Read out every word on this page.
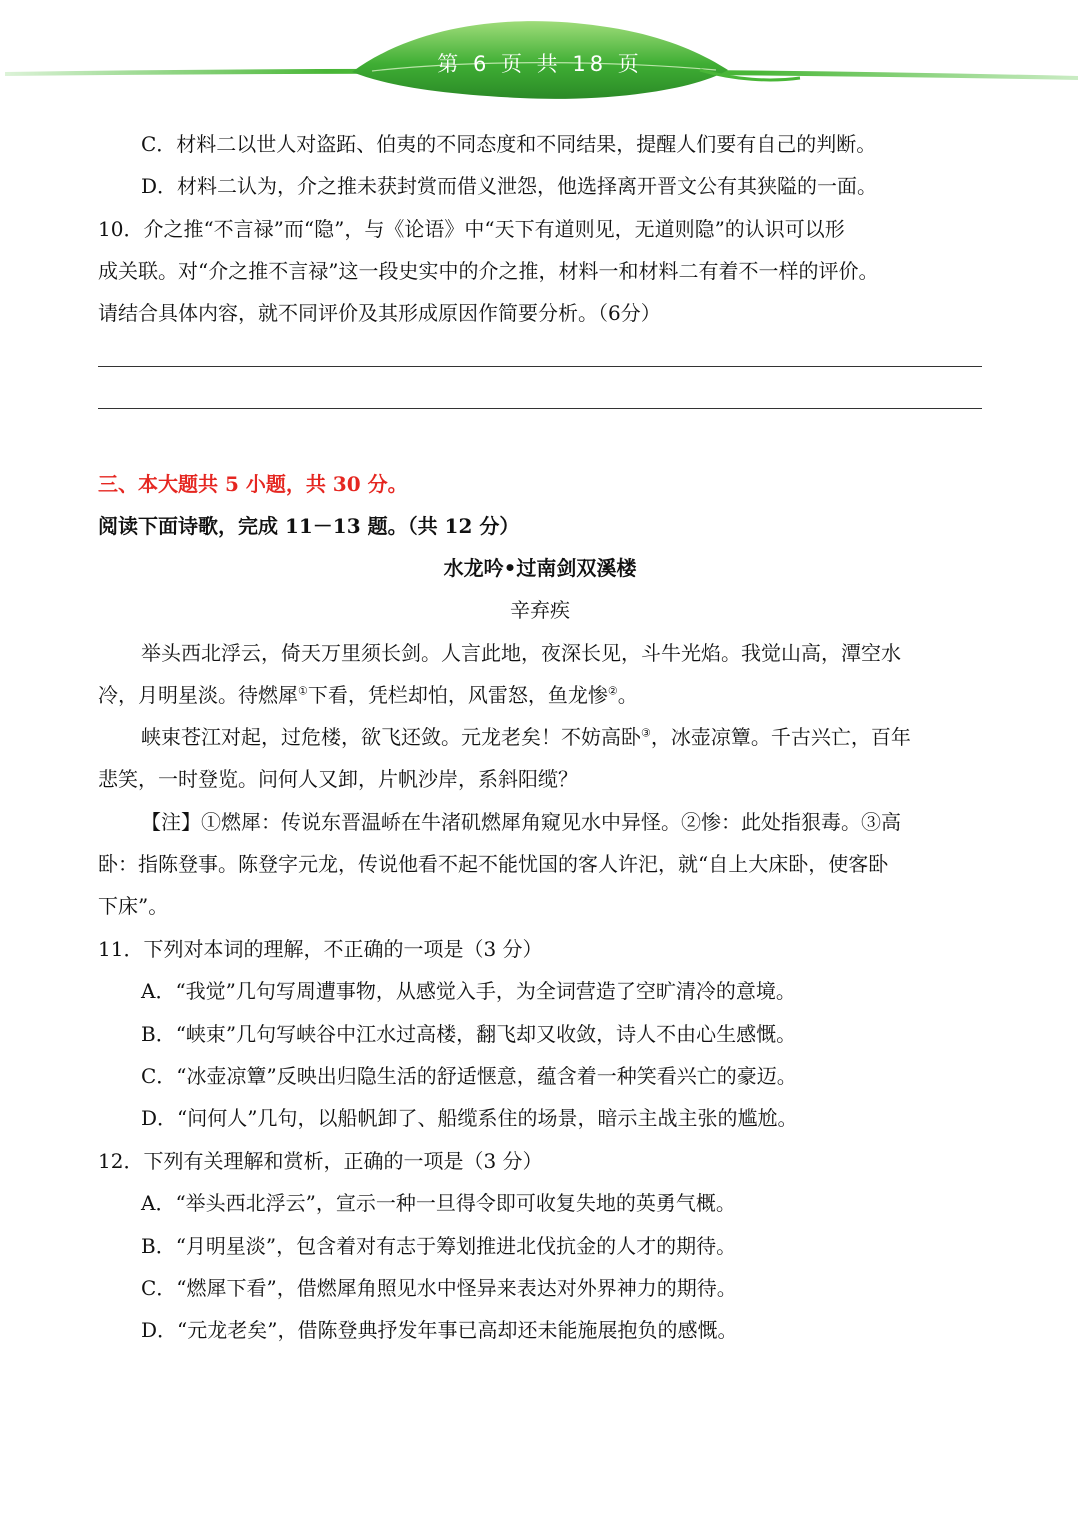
第 6 页 共 18 页
C．材料二以世人对盗跖、伯夷的不同态度和不同结果，提醒人们要有自己的判断。
D．材料二认为，介之推未获封赏而借义泄怨，他选择离开晋文公有其狭隘的一面。
10．介之推“不言禄”而“隐”，与《论语》中“天下有道则见，无道则隐”的认识可以形
成关联。对“介之推不言禄”这一段史实中的介之推，材料一和材料二有着不一样的评价。
请结合具体内容，就不同评价及其形成原因作简要分析。（6分）
三、本大题共 5 小题，共 30 分。
阅读下面诗歌，完成 11－13 题。（共 12 分）
水龙吟•过南剑双溪楼
辛弃疾
举头西北浮云，倚天万里须长剑。人言此地，夜深长见，斗牛光焰。我觉山高，潭空水
冷，月明星淡。待燃犀①下看，凭栏却怕，风雷怒，鱼龙惨②。
峡束苍江对起，过危楼，欲飞还敛。元龙老矣！不妨高卧③，冰壶凉簟。千古兴亡，百年
悲笑，一时登览。问何人又卸，片帆沙岸，系斜阳缆？
【注】①燃犀：传说东晋温峤在牛渚矶燃犀角窥见水中异怪。②惨：此处指狠毒。③高
卧：指陈登事。陈登字元龙，传说他看不起不能忧国的客人许汜，就“自上大床卧，使客卧
下床”。
11．下列对本词的理解，不正确的一项是（3 分）
A．“我觉”几句写周遭事物，从感觉入手，为全词营造了空旷清冷的意境。
B．“峡束”几句写峡谷中江水过高楼，翻飞却又收敛，诗人不由心生感慨。
C．“冰壶凉簟”反映出归隐生活的舒适惬意，蕴含着一种笑看兴亡的豪迈。
D．“问何人”几句，以船帆卸了、船缆系住的场景，暗示主战主张的尴尬。
12．下列有关理解和赏析，正确的一项是（3 分）
A．“举头西北浮云”，宣示一种一旦得令即可收复失地的英勇气概。
B．“月明星淡”，包含着对有志于筹划推进北伐抗金的人才的期待。
C．“燃犀下看”，借燃犀角照见水中怪异来表达对外界神力的期待。
D．“元龙老矣”，借陈登典抒发年事已高却还未能施展抱负的感慨。
